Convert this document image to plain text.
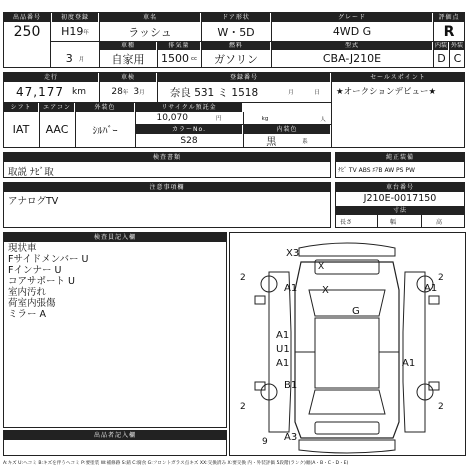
出品番号	初度登録	車名	ドア形状	グレード	評価点
250	H 19 年	ラッシュ	W・5D	4WD G	R
車種	排気量	燃料	型式	内装 外装
3 月	自家用	1500 cc	ガソリン	CBA-J210E	D C
走行	車検	登録番号	セールスポイント
47,177 km	28 年 3 月	奈良 531 ミ 1518	月	日 ★オークションデビュー★
シフト	エアコン	外装色	リサイクル預託金
IAT	AAC	ｼﾙﾊﾞｰ
10,070	円	kg	人
カラーNo.	内装色
S28	黒	系
検査書類
取説 ﾅﾋﾞ取
純正装備
ﾅﾋﾞ TV ABS ｴｱB AW PS PW
注意事項欄
アナログTV
車台番号
J210E-0017150
寸法
長さ	幅	高
検査員記入欄
現状車
Fサイドメンバー U
Fインナー U
コアサポート U
室内汚れ
荷室内張傷
ミラー A
出品者記入欄
X3
X
A1	A1
X
G
A1
U1
A1	A1
B1
A3
9
2	2
2	2
A:キズ U:ヘコミ B:キズを伴うヘコミ P:要塗装 W:補修跡 S:錆 C:腐食 G:フロントガラス点キズ XX:交換済み X:要交換 内・外装評価 5段階(ランク)順(A・B・C・D・E)
